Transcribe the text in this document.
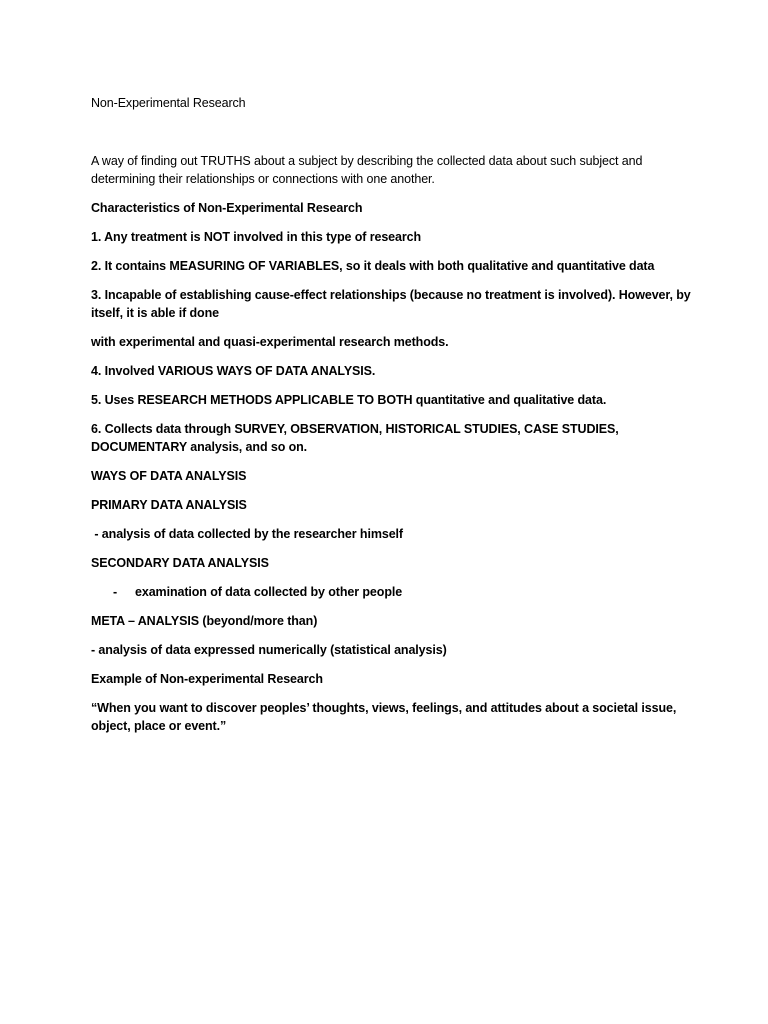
Non-Experimental Research

A way of finding out TRUTHS about a subject by describing the collected data about such subject and determining their relationships or connections with one another.

Characteristics of Non-Experimental Research

1. Any treatment is NOT involved in this type of research

2. It contains MEASURING OF VARIABLES, so it deals with both qualitative and quantitative data

3. Incapable of establishing cause-effect relationships (because no treatment is involved). However, by itself, it is able if done

with experimental and quasi-experimental research methods.

4. Involved VARIOUS WAYS OF DATA ANALYSIS.

5. Uses RESEARCH METHODS APPLICABLE TO BOTH quantitative and qualitative data.

6. Collects data through SURVEY, OBSERVATION, HISTORICAL STUDIES, CASE STUDIES, DOCUMENTARY analysis, and so on.

WAYS OF DATA ANALYSIS

PRIMARY DATA ANALYSIS

- analysis of data collected by the researcher himself

SECONDARY DATA ANALYSIS

-	examination of data collected by other people

META – ANALYSIS (beyond/more than)

- analysis of data expressed numerically (statistical analysis)

Example of Non-experimental Research

“When you want to discover peoples’ thoughts, views, feelings, and attitudes about a societal issue, object, place or event.”
